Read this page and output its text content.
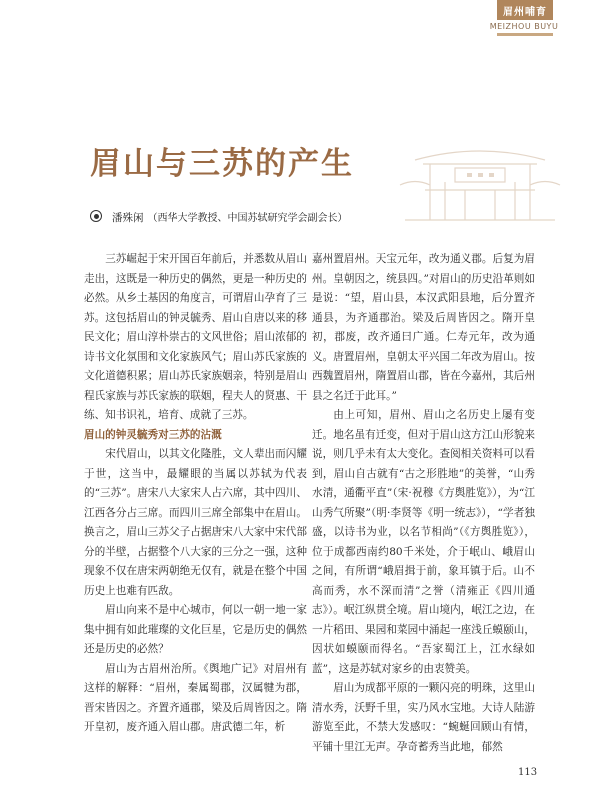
眉州哺育
MEIZHOU BUYU
眉山与三苏的产生
潘殊闲 （西华大学教授、中国苏轼研究学会副会长）

三苏崛起于宋开国百年前后，并悉数从眉山走出，这既是一种历史的偶然，更是一种历史的必然。从乡土基因的角度言，可谓眉山孕育了三苏。这包括眉山的钟灵毓秀、眉山自唐以来的移民文化；眉山淳朴崇古的文风世俗；眉山浓郁的诗书文化氛围和文化家族风气；眉山苏氏家族的文化道德积累；眉山苏氏家族姻亲，特别是眉山程氏家族与苏氏家族的联姻，程夫人的贤惠、干练、知书识礼，培育、成就了三苏。

眉山的钟灵毓秀对三苏的沾溉

宋代眉山，以其文化隆胜，文人辈出而闪耀于世，这当中，最耀眼的当属以苏轼为代表的“三苏”。唐宋八大家宋人占六席，其中四川、江西各分占三席。而四川三席全部集中在眉山。换言之，眉山三苏父子占据唐宋八大家中宋代部分的半壁，占据整个八大家的三分之一强，这种现象不仅在唐宋两朝绝无仅有，就是在整个中国历史上也难有匹敌。

眉山向来不是中心城市，何以一朝一地一家集中拥有如此璀璨的文化巨星，它是历史的偶然还是历史的必然？

眉山为古眉州治所。《舆地广记》对眉州有这样的解释：“眉州，秦属蜀郡，汉属犍为郡，晋宋皆因之。齐置齐通郡，梁及后周皆因之。隋开皇初，废齐通入眉山郡。唐武德二年，析

嘉州置眉州。天宝元年，改为通义郡。后复为眉州。皇朝因之，统县四。”对眉山的历史沿革则如是说：“望，眉山县，本汉武阳县地，后分置齐通县，为齐通郡治。梁及后周皆因之。隋开皇初，郡废，改齐通曰广通。仁寿元年，改为通义。唐置眉州，皇朝太平兴国二年改为眉山。按西魏置眉州，隋置眉山郡，皆在今嘉州，其后州县之名迁于此耳。”

由上可知，眉州、眉山之名历史上屡有变迁。地名虽有迁变，但对于眉山这方江山形貌来说，则几乎未有太大变化。查阅相关资料可以看到，眉山自古就有“古之形胜地”的美誉，“山秀水清，通衢平直”（宋·祝穆《方舆胜览》），为“江山秀气所聚”（明·李贤等《明一统志》），“学者独盛，以诗书为业，以名节相尚”（《方舆胜览》），位于成都西南约80千米处，介于岷山、峨眉山之间，有所谓“峨眉揖于前，象耳镇于后。山不高而秀，水不深而清”之誉（清雍正《四川通志》）。岷江纵贯全境。眉山境内，岷江之边，在一片稻田、果园和菜园中涌起一座浅丘蟆颐山，因状如蟆颐而得名。“吾家蜀江上，江水绿如蓝”，这是苏轼对家乡的由衷赞美。

眉山为成都平原的一颗闪亮的明珠，这里山清水秀，沃野千里，实乃风水宝地。大诗人陆游游览至此，不禁大发感叹：“蜿蜒回顾山有情，平铺十里江无声。孕奇蓄秀当此地，郁然

113
